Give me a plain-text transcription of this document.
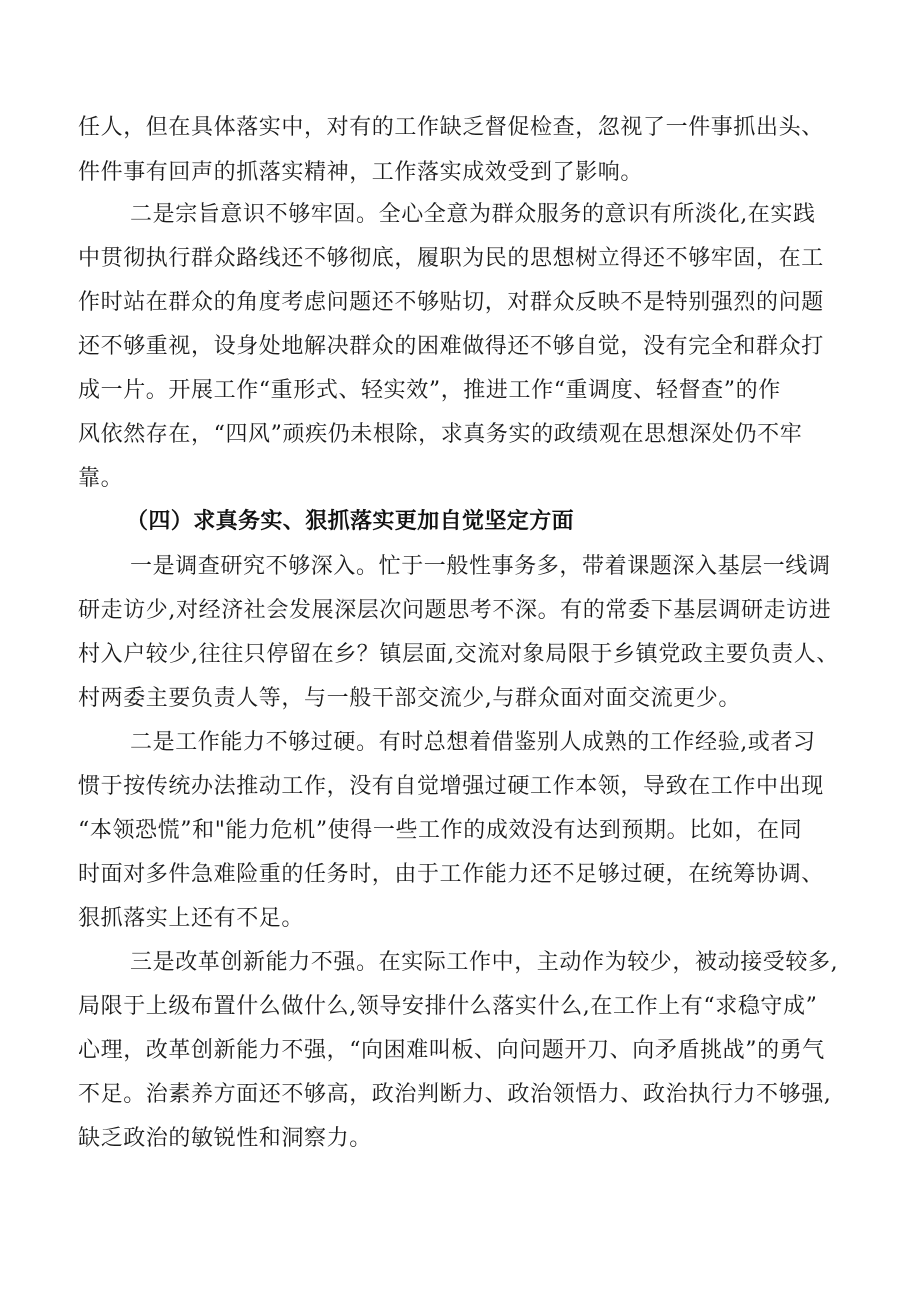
任人，但在具体落实中，对有的工作缺乏督促检查，忽视了一件事抓出头、
件件事有回声的抓落实精神，工作落实成效受到了影响。
二是宗旨意识不够牢固。全心全意为群众服务的意识有所淡化,在实践
中贯彻执行群众路线还不够彻底，履职为民的思想树立得还不够牢固，在工
作时站在群众的角度考虑问题还不够贴切，对群众反映不是特别强烈的问题
还不够重视，设身处地解决群众的困难做得还不够自觉，没有完全和群众打
成一片。开展工作“重形式、轻实效”，推进工作“重调度、轻督查”的作
风依然存在，“四风”顽疾仍未根除，求真务实的政绩观在思想深处仍不牢
靠。
（四）求真务实、狠抓落实更加自觉坚定方面
一是调查研究不够深入。忙于一般性事务多，带着课题深入基层一线调
研走访少,对经济社会发展深层次问题思考不深。有的常委下基层调研走访进
村入户较少,往往只停留在乡？镇层面,交流对象局限于乡镇党政主要负责人、
村两委主要负责人等，与一般干部交流少,与群众面对面交流更少。
二是工作能力不够过硬。有时总想着借鉴别人成熟的工作经验,或者习
惯于按传统办法推动工作，没有自觉增强过硬工作本领，导致在工作中出现
“本领恐慌”和"能力危机”使得一些工作的成效没有达到预期。比如，在同
时面对多件急难险重的任务时，由于工作能力还不足够过硬，在统筹协调、
狠抓落实上还有不足。
三是改革创新能力不强。在实际工作中，主动作为较少，被动接受较多,
局限于上级布置什么做什么,领导安排什么落实什么,在工作上有“求稳守成”
心理，改革创新能力不强，“向困难叫板、向问题开刀、向矛盾挑战”的勇气
不足。治素养方面还不够高，政治判断力、政治领悟力、政治执行力不够强,
缺乏政治的敏锐性和洞察力。
